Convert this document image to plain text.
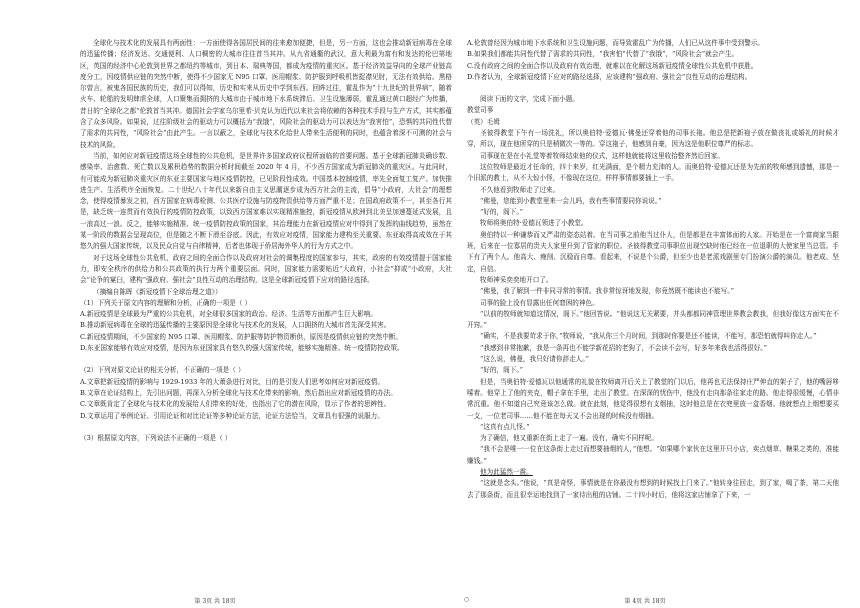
全球化与技术化的发展具有两面性：一方面使得各国居民间的往来愈加便捷，但是，另一方面，这也会推动新冠病毒在全球的迅猛传播；经济发达、交通便利、人口稠密的大城市往往首当其冲。从九省通衢的武汉，意大利最为富有和发达的伦巴第地区，英国的经济中心伦敦到世界之都纽约等城市，到日本、瑞典等国，都成为疫情的重灾区。基于经济效益导向的全球产业链高度分工，因疫情供应链的突然中断，使得不少国家无 N95 口罩、医用帽浆、防护服到呼吸机皆捉襟见肘，无法有效供给。黑格尔曾言，被鬼各国民族的历史，我们可以得知，历史和实来从历史中学到东西。回眸过往，霍乱作为“十九世纪的世界病”，随着火车、轮船的发明肆虐全球，人口聚集而拥挤的大城市由于城市地下水系统滞后、卫生设施薄弱，霍乱通过黄口超经广为传播，昔日的“全球化之都”伦敦首当其冲。德国社会学家乌尔里希·贝克认为近代以来社会将依赖的各种技术手段与生产方式，其实都蕴含了众多风险。如果说，过往阶级社会的驱动力可以概括为“我饿”，风险社会的驱动力可以表达为“我害怕”，恐惧的共同性代替了需求的共同性，“风险社会”由此产生。一言以蔽之，全球化与技术化给世人带来生活便利的同时，也蕴含着深不可测的社会与技术的风险。

当前，如何应对新冠疫情这场全球性的公共危机，是世界许多国家政府议程所面临的首要问题。基于全球新冠肺炎确诊数、感染率、治愈数、死亡数以及累积趋势的数据分析时间截至 2020 年 4 月，不少西方国家成为新冠肺炎的重灾区。与此同时，有可能成为新冠肺炎重灾区的东亚主要国家与地区疫情防控，已见阶段性成效。中国基本控制疫情，率先全面复工复产。加快推进生产、生活秩序全面恢复。二十世纪八十年代以来新自由主义思潮逐步成为西方社会的主流，倡导“小政府，大社会”的理想念，使得疫情暴发之初，西方国家在病毒检测、公共医疗设施与防疫物资供给等方面严重不足；在国政府政策不一，甚至各行其是，缺乏统一连贯而有效执行的疫情防控政策，以致西方国家难以实现精准施控，新冠疫情从欧洲到北美呈加速蔓延式发展，且一浪高过一浪。反之，能够实施精准、统一疫情防控政策的国家，其治理能力在新冠疫情应对中得到了发挥的曲线趋势，虽然在某一阶段的数据会呈现高位，但是随之不断下滑至谷底。因此，有效应对疫情，国家能力建构至关重要。东亚取得高成效在于其悠久的强大国家传统，以及民众自觉与自律精神，后者也体现于侨居海外华人的行为方式之中。

对于这场全球性公共危机，政府之间的全面合作以及政府对社会的调集程度的国家参与，其实，政府的有效疫情提于国家能力，即安全秩序的供给力和公共政策的执行力两个重要层面。同时，国家能力需要贴近“大政府，小社会”抑或“小政府，大社会”论争的窠臼，建构“强政府、强社会”良性互动的治理结构，这是全球新冠疫情下应对的路径选择。

（摘编自陈晖《新冠疫情下全球治理之道》）

（1）下列关于原文内容的理解和分析，正确的一项是（ ）

A.新冠疫情是全球最为严重的公共危机，对全球很多国家的政治、经济、生活等方面都产生巨大影响。

B.推动新冠病毒在全球的迅猛传播的主要原因是全球化与技术化的发展，人口拥挤的大城市首先深受其害。

C.新冠疫情期间，不少国家的 N95 口罩、医用帽浆、防护服等防护物资断供，原因是疫情供应链的突然中断。

D.东亚国家能够有效应对疫情，是因为东亚国家具有悠久的强大国家传统，能够实施精准、统一疫情防控政策。

（2）下列对原文论证的相关分析，不正确的一项是（ ）

A.文章把新冠疫情的影响与 1929-1933 年的大萧条进行对比，目的是引发人们思考如何应对新冠疫情。

B.文章在论证结构上，先引出问题，再深入分析全球化与技术化带来的影响，然后指出应对新冠疫情的办法。

C.文章既肯定了全球化与技术化的发展给人们带来的好处，也指出了它的潜在风险，显示了作者的思辨性。

D.文章运用了举例论证、引用论证和对比论证等多种论证方法，论证方法恰当，文章具有很强的说服力。

（3）根据原文内容，下列说法不正确的一项是（ ）

A.伦敦曾经因为城市地下水系统和卫生设施问题，而导致霍乱广为传播，人们已从这件事中受到警示。

B.如果我们都能共同性代替了需求的共同性，“我害怕”代替了“我饿”，“风险社会”就会产生。

C.没有政府之间的全面合作以及政府有效治理，就难以在化解这场新冠疫情全球性公共危机中获胜。

D.作者认为，全球新冠疫情下应对的路径选择，应该建构“强政府、强社会”良性互动的治理结构。

阅读下面的文字，完成下面小题。

教堂司事

（英）毛姆

圣彼得教堂下午有一场洗礼，所以奥伯特·爱德瓦·佛曼还穿着他的司事长袍。他总是把新袍子放在做丧礼或婚礼的时候才穿，所以，现在他所穿的只是稍微次一等的。穿这袍子，他感到自豪，因为这是他职位尊严的标志。

司事现在是在小礼堂等着牧师结束他的仪式，这样他就能将这里收拾整齐然后回家。

这位牧师是最近才任命的，四十来岁，红光满面，是个精力充沛的人。而奥伯特·爱德瓦还是为先前的牧师感到遗憾，那是一个旧派的教士，从不大惊小怪，不像现在这位，样样事情都要插上一手。

不久他看到牧师走了过来。

“佛曼，您能到小教堂里来一会儿吗，我有些事情要同你说说。”

“好的，阁下。”

牧师将奥伯特·爱德瓦领进了小教堂。

奥伯特以一种谦恭而又严肃的姿态站着。在当司事之前他当过仆人，但是都是在丰富体面的人家。开始是在一个富商家当跟班，后来在一位寡居的贵夫人家里升到了管家的职位。圣彼得教堂司事职位出现空缺时他已经在一位退职的大使家里当总管。手下有了两个人。他高大、瘦削、沉稳而自尊。看起来，不说是个公爵，但至少也是老派戏剧里专门扮演公爵的演员。他老成、坚定，自信。

牧师神采奕奕地开口了。

“佛曼，我了解到一件非同寻常的事情。我非常惊讶地发现，你竟然既不能读也不能写。”

司事的脸上没有显露出任何窘困的神色。

“以前的牧师就知道这情况，阁下。”他回答说。“他说这无关紧要，并头都都同神管理世界教会教我，但我好像这方面实在不开窍。”

“确实，不是我要苛求于你，”牧师说，“我从你三个月时间，到那时你要是还不能读，不能写，那恐怕就得叫你走人。”

“我感到非常抱歉，我是一条再也不能学新花招的老狗了，不会读不会写，好多年来我也活得很好。”

“这么说，佛曼，我只好请你辞走人。”

“好的，阁下。”

但是，当奥伯特·爱德瓦以他通常的礼貌在牧师离开后关上了教堂的门以后，他再也无法保持庄严伸直的架子了，他的嘴唇哆嗦着。他穿上了他的夹克，帽子拿在手里，走出了教堂。在深深的忧伤中，他没有走向那条往家走的路。他走得很缓慢，心情非常沉重。他不知道自己究竟该怎么做。就在此刻，他觉得很想有支烟抽，这时他总是在衣兜里放一盒香烟。他就想点上烟想要买一支，一位老司事……他不能在每天又不会出现的时候没有烟抽。

“这真有点儿怪。”

为了确信，他又重新在街上走了一遍。没有，确实不同样呢。

“我不会是唯一一位在这条街上走过而想要抽烟的人，”他想。“如果哪个家伙在这里开只小店，卖点烟草、糖果之类的，准能赚钱。”

他为此猛然一震。

“这就是念头。”他说，“真是奇怪，事情就是在你最没有想到的时候找上门来了。”他转身往回走，到了家，喝了茶，第二天他去了那条街，而且很幸运地找到了一家待出租的店铺。二十四小时后，他将这家店铺拿了下来，一

第 3页 共 18页	○	第 4页 共 18页
